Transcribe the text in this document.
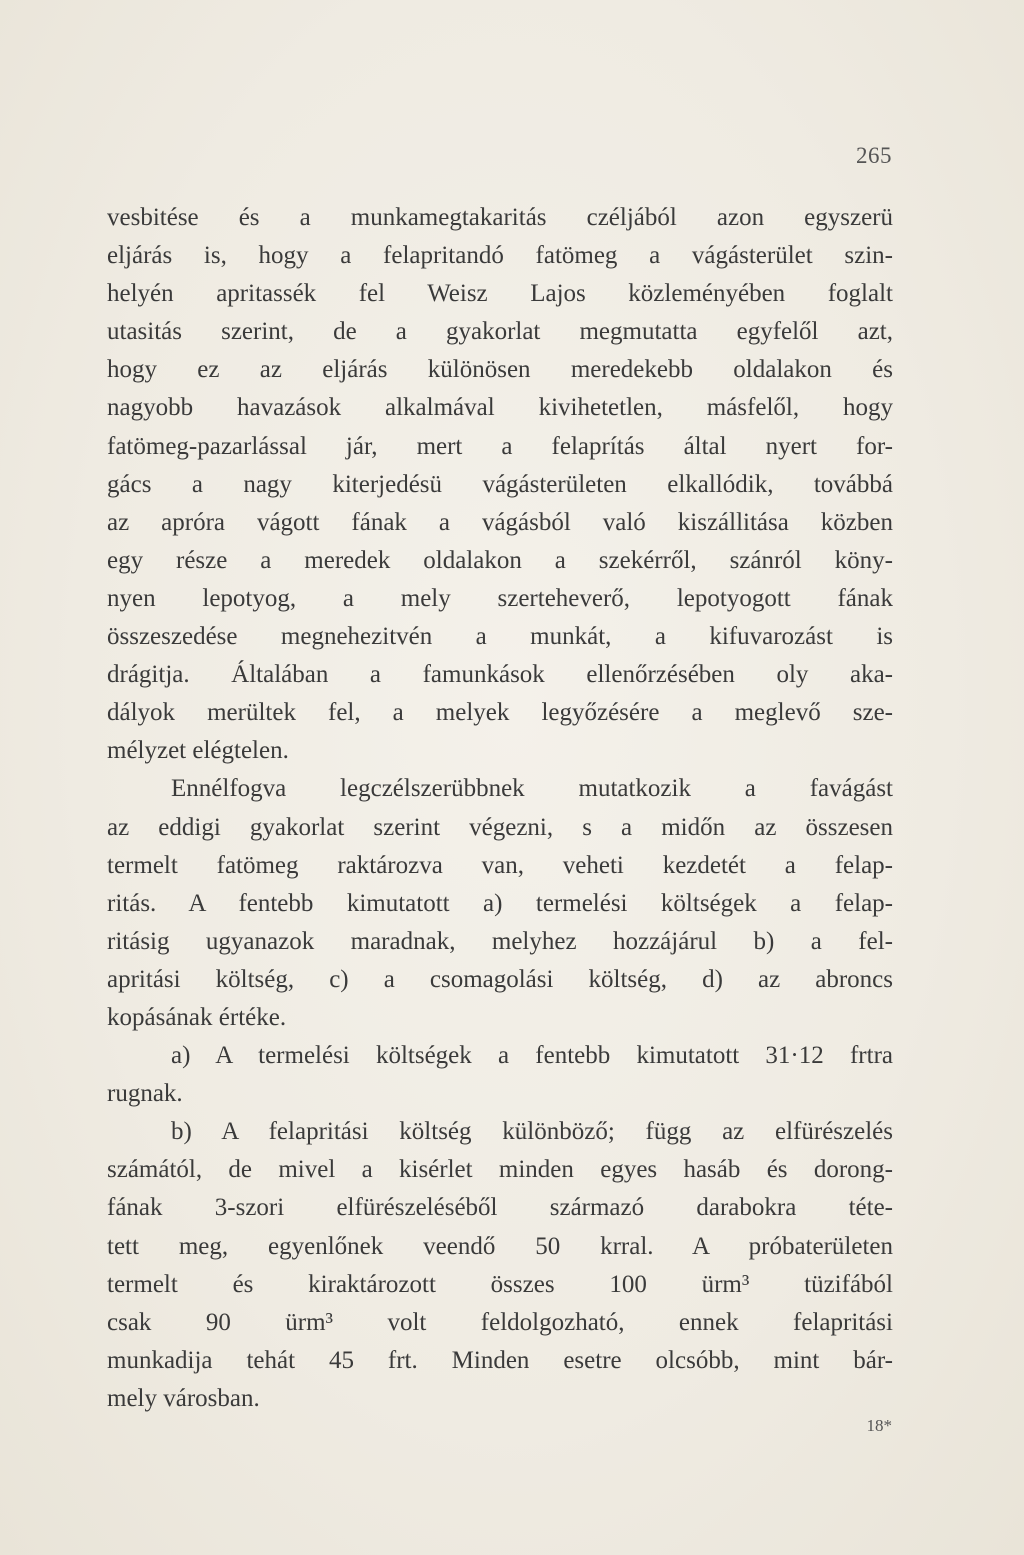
265
vesbitése és a munkamegtakaritás czéljából azon egyszerü
eljárás is, hogy a felapritandó fatömeg a vágásterület szin-
helyén apritassék fel Weisz Lajos közleményében foglalt
utasitás szerint, de a gyakorlat megmutatta egyfelől azt,
hogy ez az eljárás különösen meredekebb oldalakon és
nagyobb havazások alkalmával kivihetetlen, másfelől, hogy
fatömeg-pazarlással jár, mert a felaprítás által nyert for-
gács a nagy kiterjedésü vágásterületen elkallódik, továbbá
az apróra vágott fának a vágásból való kiszállitása közben
egy része a meredek oldalakon a szekérről, szánról köny-
nyen lepotyog, a mely szerteheverő, lepotyogott fának
összeszedése megnehezitvén a munkát, a kifuvarozást is
drágitja. Általában a famunkások ellenőrzésében oly aka-
dályok merültek fel, a melyek legyőzésére a meglevő sze-
mélyzet elégtelen.
Ennélfogva legczélszerübbnek mutatkozik a favágást
az eddigi gyakorlat szerint végezni, s a midőn az összesen
termelt fatömeg raktározva van, veheti kezdetét a felap-
ritás. A fentebb kimutatott a) termelési költségek a felap-
ritásig ugyanazok maradnak, melyhez hozzájárul b) a fel-
apritási költség, c) a csomagolási költség, d) az abroncs
kopásának értéke.
a) A termelési költségek a fentebb kimutatott 31·12 frtra
rugnak.
b) A felapritási költség különböző; függ az elfürészelés
számától, de mivel a kisérlet minden egyes hasáb és dorong-
fának 3-szori elfürészeléséből származó darabokra téte-
tett meg, egyenlőnek veendő 50 krral. A próbaterületen
termelt és kiraktározott összes 100 ürm³ tüzifából
csak 90 ürm³ volt feldolgozható, ennek felapritási
munkadija tehát 45 frt. Minden esetre olcsóbb, mint bár-
mely városban.
18*
